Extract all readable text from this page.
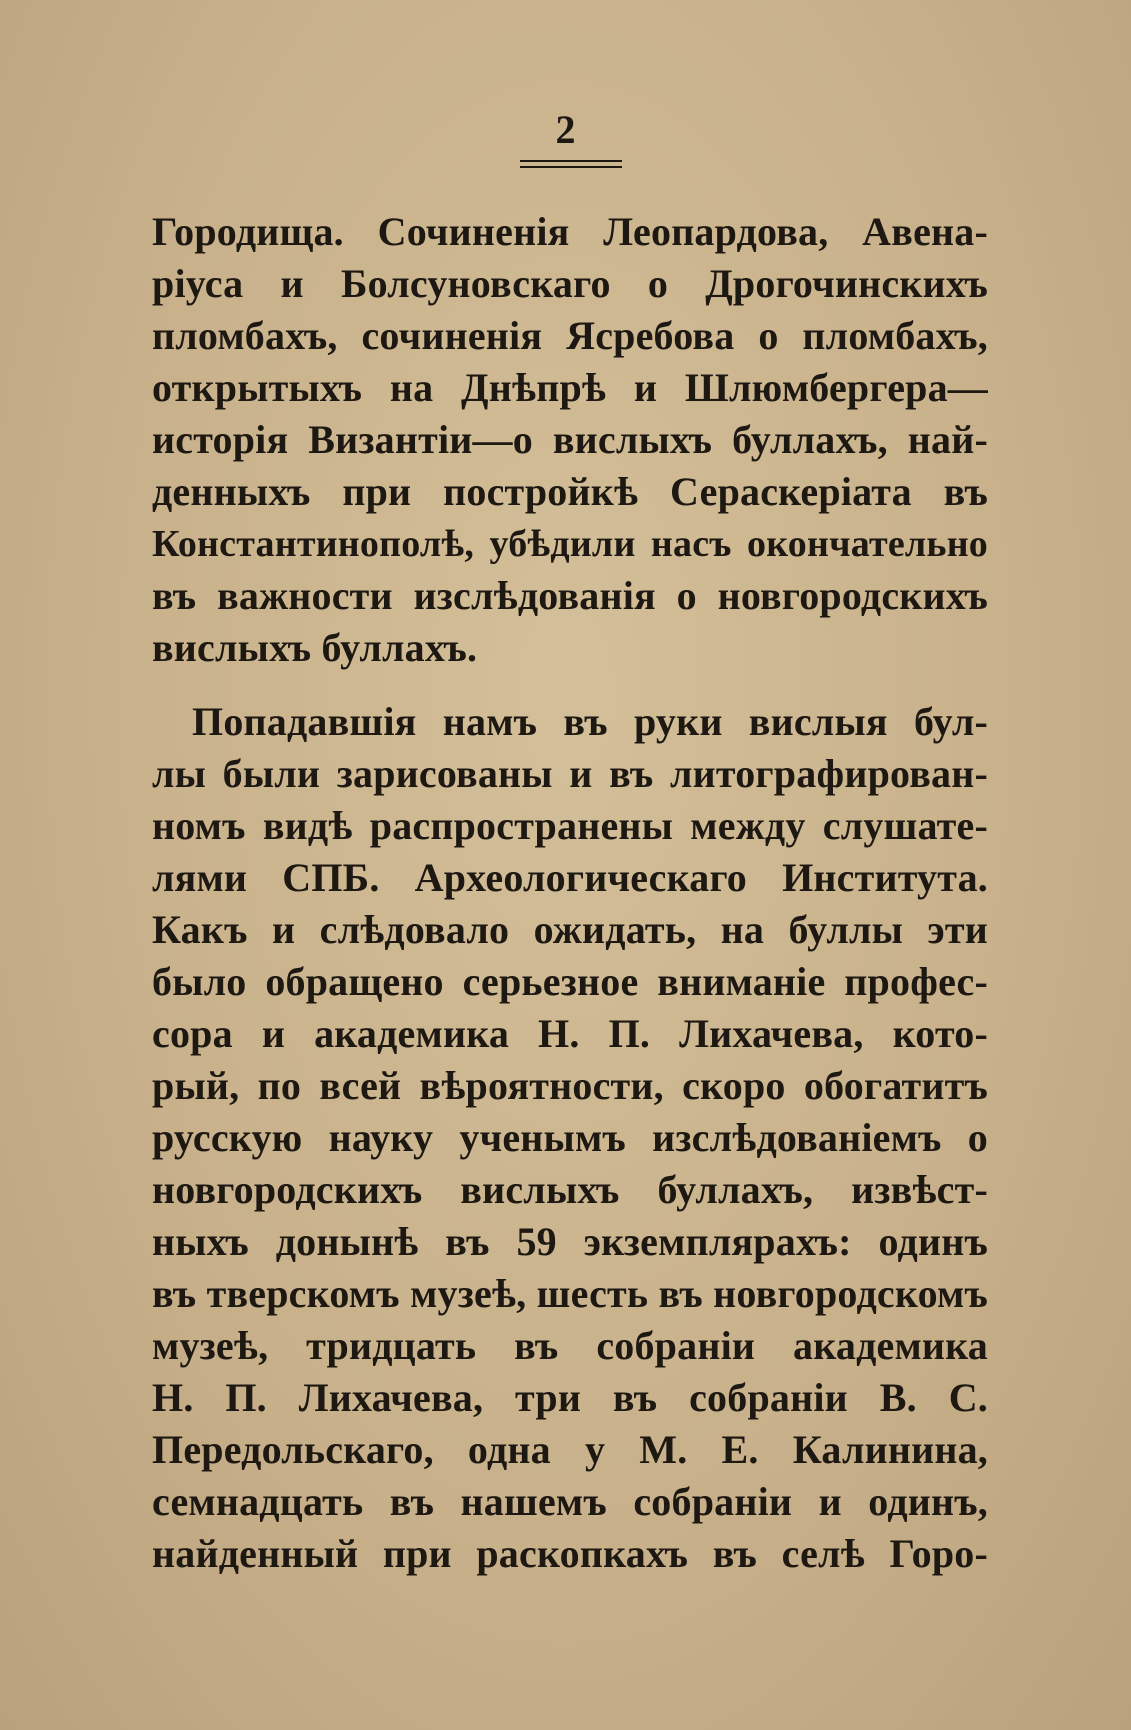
2
Городища. Сочиненія Леопардова, Авена-
ріуса и Болсуновскаго о Дрогочинскихъ
пломбахъ, сочиненія Ясребова о пломбахъ,
открытыхъ на Днѣпрѣ и Шлюмбергера—
исторія Византіи—о вислыхъ буллахъ, най-
денныхъ при постройкѣ Сераскеріата въ
Константинополѣ, убѣдили насъ окончательно
въ важности изслѣдованія о новгородскихъ
вислыхъ буллахъ.
Попадавшія намъ въ руки вислыя бул-
лы были зарисованы и въ литографирован-
номъ видѣ распространены между слушате-
лями СПБ. Археологическаго Института.
Какъ и слѣдовало ожидать, на буллы эти
было обращено серьезное вниманіе профес-
сора и академика Н. П. Лихачева, кото-
рый, по всей вѣроятности, скоро обогатитъ
русскую науку ученымъ изслѣдованіемъ о
новгородскихъ вислыхъ буллахъ, извѣст-
ныхъ донынѣ въ 59 экземплярахъ: одинъ
въ тверскомъ музеѣ, шесть въ новгородскомъ
музеѣ, тридцать въ собраніи академика
Н. П. Лихачева, три въ собраніи В. С.
Передольскаго, одна у М. Е. Калинина,
семнадцать въ нашемъ собраніи и одинъ,
найденный при раскопкахъ въ селѣ Горо-
